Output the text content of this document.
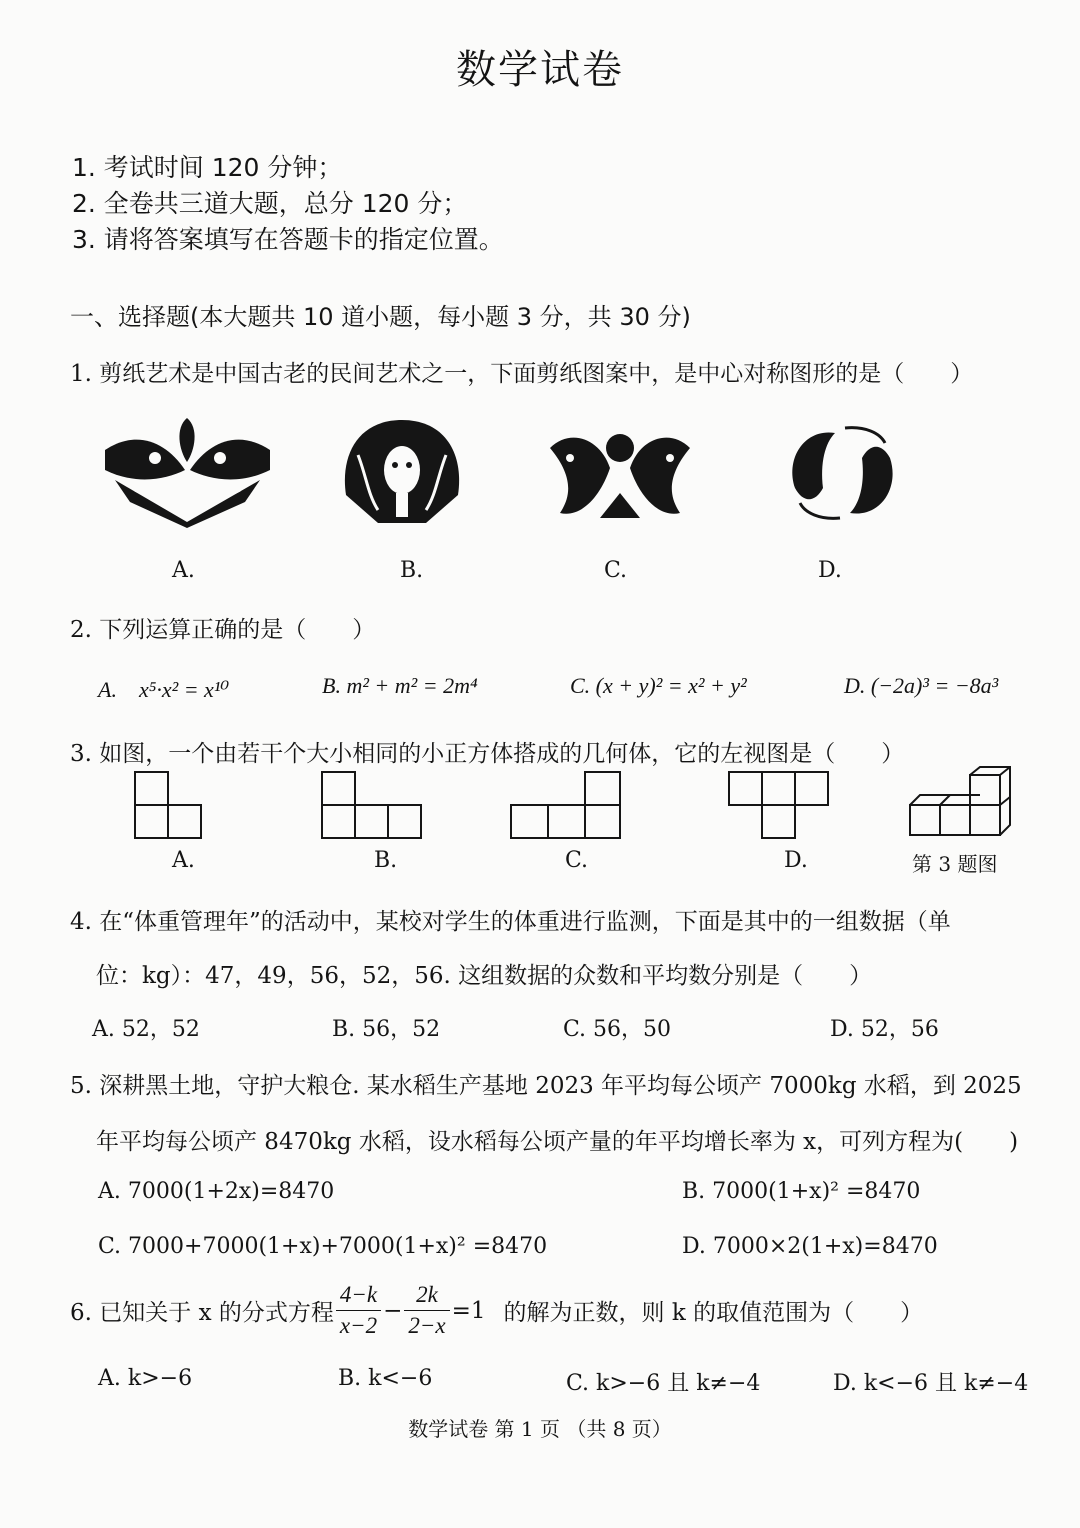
数学试卷
1. 考试时间 120 分钟；
2. 全卷共三道大题，总分 120 分；
3. 请将答案填写在答题卡的指定位置。
一、选择题(本大题共 10 道小题，每小题 3 分，共 30 分)
1. 剪纸艺术是中国古老的民间艺术之一，下面剪纸图案中，是中心对称图形的是（　　）
A.	B.	C.	D.
2. 下列运算正确的是（　　）
A.　x⁵·x² = x¹⁰	B. m² + m² = 2m⁴	C. (x + y)² = x² + y²	D. (−2a)³ = −8a³
3. 如图，一个由若干个大小相同的小正方体搭成的几何体，它的左视图是（　　）
A.	B.	C.	D.	第 3 题图
4. 在“体重管理年”的活动中，某校对学生的体重进行监测，下面是其中的一组数据（单
位：kg）：47，49，56，52，56. 这组数据的众数和平均数分别是（　　）
A. 52，52	B. 56，52	C. 56，50	D. 52，56
5. 深耕黑土地，守护大粮仓. 某水稻生产基地 2023 年平均每公顷产 7000kg 水稻，到 2025
年平均每公顷产 8470kg 水稻，设水稻每公顷产量的年平均增长率为 x，可列方程为(　　)
A. 7000(1+2x)=8470	B. 7000(1+x)² =8470
C. 7000+7000(1+x)+7000(1+x)² =8470	D. 7000×2(1+x)=8470
6. 已知关于 x 的分式方程 $\frac{4-k}{x-2} - \frac{2k}{2-x} =1$ 的解为正数，则 k 的取值范围为（　　）
A. k>−6	B. k<−6	C. k>−6 且 k≠−4	D. k<−6 且 k≠−4
数学试卷 第 1 页 （共 8 页）
